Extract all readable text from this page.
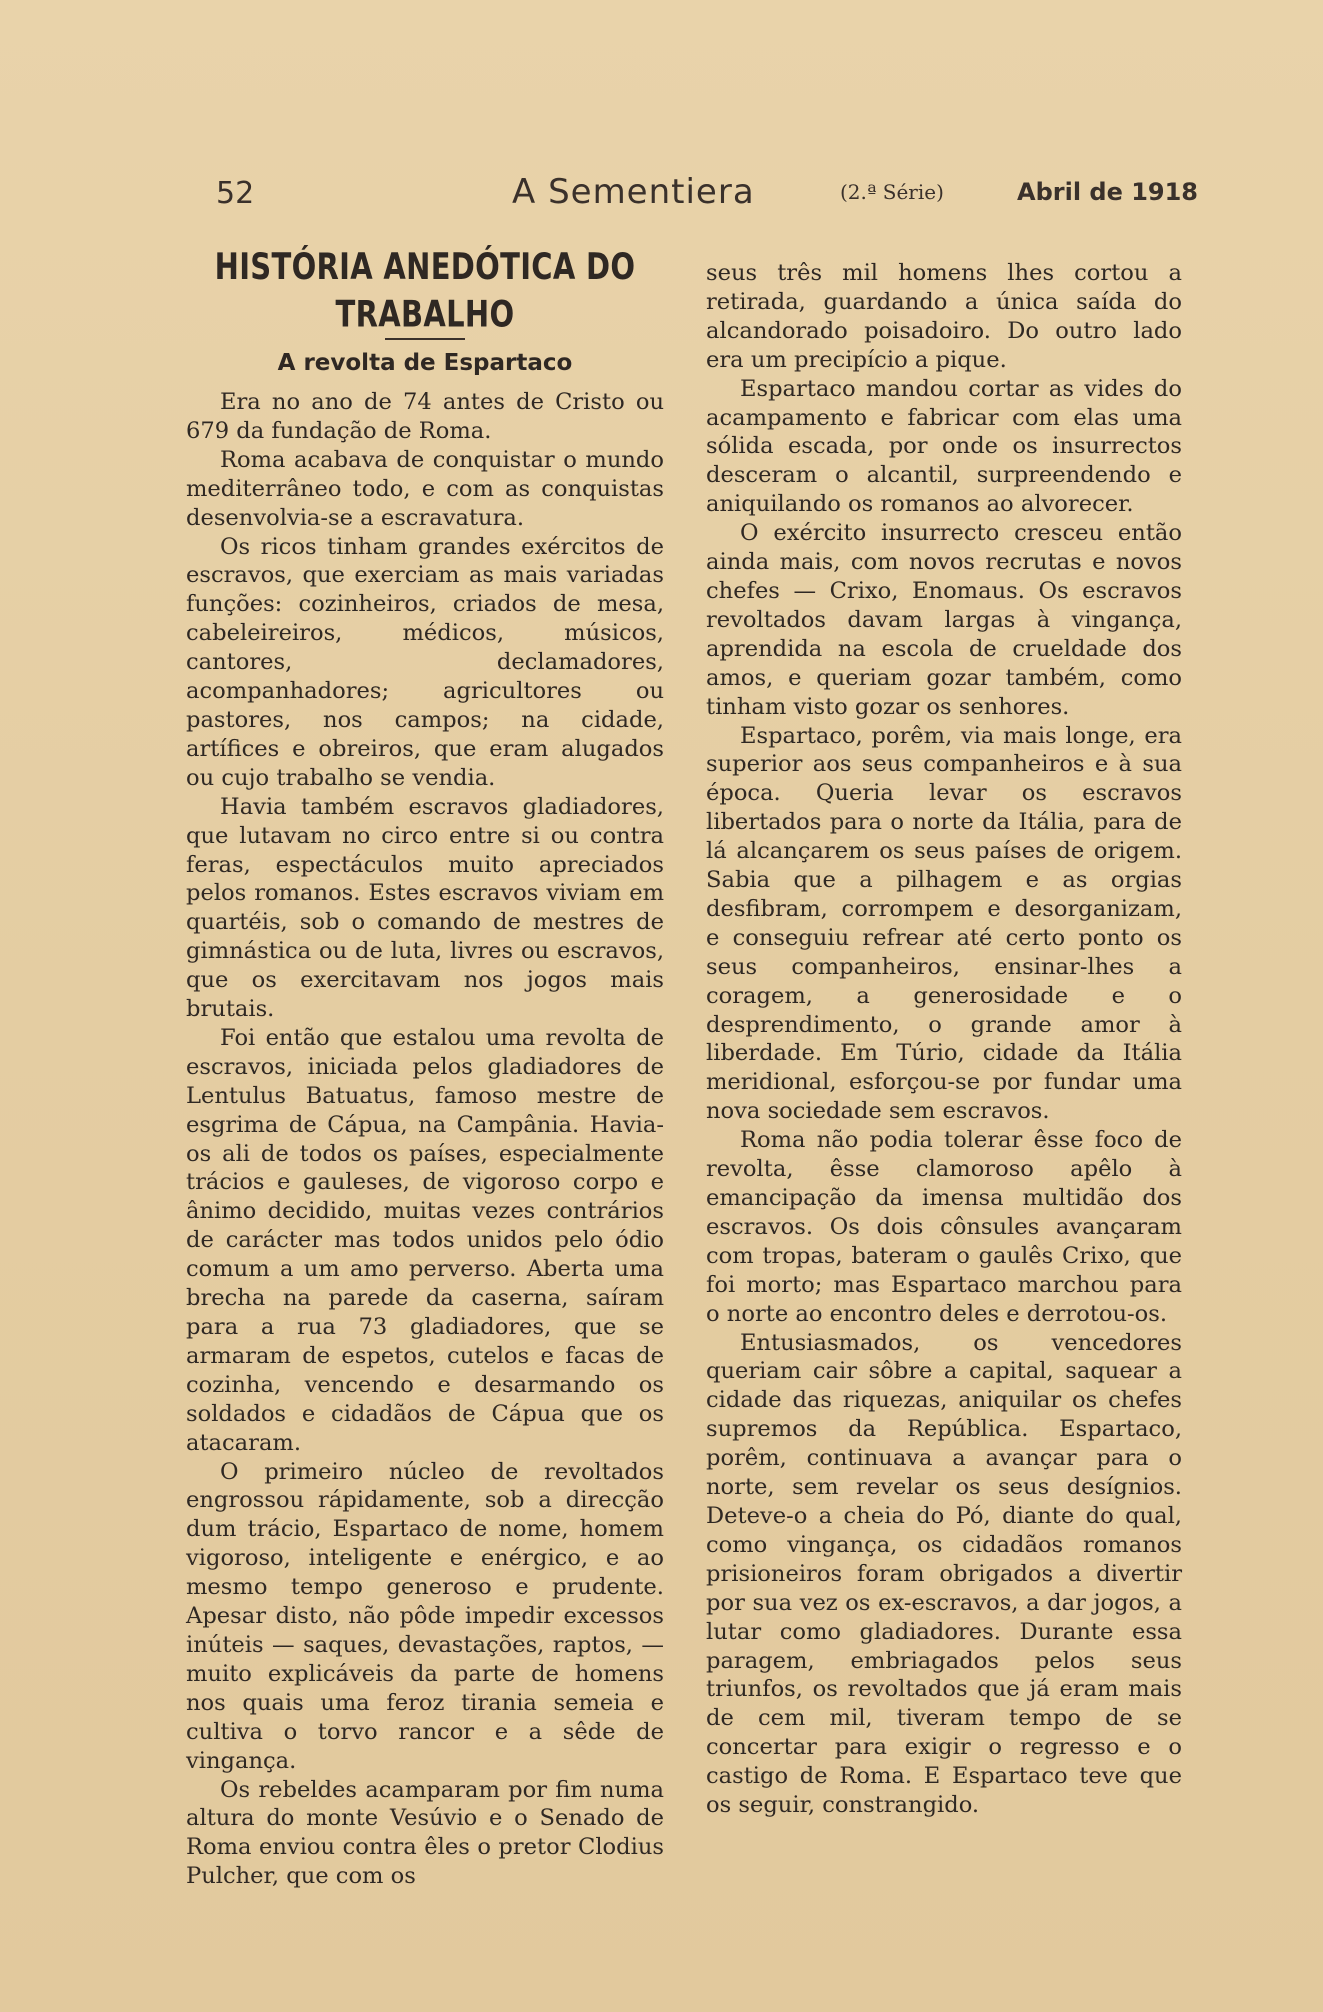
52	A Sementiera	(2.ª Série)	Abril de 1918
HISTÓRIA ANEDÓTICA DO TRABALHO
A revolta de Espartaco

Era no ano de 74 antes de Cristo ou 679 da fundação de Roma.

Roma acabava de conquistar o mundo mediterrâneo todo, e com as conquistas desenvolvia-se a escravatura.

Os ricos tinham grandes exércitos de escravos, que exerciam as mais variadas funções: cozinheiros, criados de mesa, cabeleireiros, médicos, músicos, cantores, declamadores, acompanhadores; agricultores ou pastores, nos campos; na cidade, artífices e obreiros, que eram alugados ou cujo trabalho se vendia.

Havia também escravos gladiadores, que lutavam no circo entre si ou contra feras, espectáculos muito apreciados pelos romanos. Estes escravos viviam em quartéis, sob o comando de mestres de gimnástica ou de luta, livres ou escravos, que os exercitavam nos jogos mais brutais.

Foi então que estalou uma revolta de escravos, iniciada pelos gladiadores de Lentulus Batuatus, famoso mestre de esgrima de Cápua, na Campânia. Havia-os ali de todos os países, especialmente trácios e gauleses, de vigoroso corpo e ânimo decidido, muitas vezes contrários de carácter mas todos unidos pelo ódio comum a um amo perverso. Aberta uma brecha na parede da caserna, saíram para a rua 73 gladiadores, que se armaram de espetos, cutelos e facas de cozinha, vencendo e desarmando os soldados e cidadãos de Cápua que os atacaram.

O primeiro núcleo de revoltados engrossou rápidamente, sob a direcção dum trácio, Espartaco de nome, homem vigoroso, inteligente e enérgico, e ao mesmo tempo generoso e prudente. Apesar disto, não pôde impedir excessos inúteis — saques, devastações, raptos, — muito explicáveis da parte de homens nos quais uma feroz tirania semeia e cultiva o torvo rancor e a sêde de vingança.

Os rebeldes acamparam por fim numa altura do monte Vesúvio e o Senado de Roma enviou contra êles o pretor Clodius Pulcher, que com os

seus três mil homens lhes cortou a retirada, guardando a única saída do alcandorado poisadoiro. Do outro lado era um precipício a pique.

Espartaco mandou cortar as vides do acampamento e fabricar com elas uma sólida escada, por onde os insurrectos desceram o alcantil, surpreendendo e aniquilando os romanos ao alvorecer.

O exército insurrecto cresceu então ainda mais, com novos recrutas e novos chefes — Crixo, Enomaus. Os escravos revoltados davam largas à vingança, aprendida na escola de crueldade dos amos, e queriam gozar também, como tinham visto gozar os senhores.

Espartaco, porêm, via mais longe, era superior aos seus companheiros e à sua época. Queria levar os escravos libertados para o norte da Itália, para de lá alcançarem os seus países de origem. Sabia que a pilhagem e as orgias desfibram, corrompem e desorganizam, e conseguiu refrear até certo ponto os seus companheiros, ensinar-lhes a coragem, a generosidade e o desprendimento, o grande amor à liberdade. Em Túrio, cidade da Itália meridional, esforçou-se por fundar uma nova sociedade sem escravos.

Roma não podia tolerar êsse foco de revolta, êsse clamoroso apêlo à emancipação da imensa multidão dos escravos. Os dois cônsules avançaram com tropas, bateram o gaulês Crixo, que foi morto; mas Espartaco marchou para o norte ao encontro deles e derrotou-os.

Entusiasmados, os vencedores queriam cair sôbre a capital, saquear a cidade das riquezas, aniquilar os chefes supremos da República. Espartaco, porêm, continuava a avançar para o norte, sem revelar os seus desígnios. Deteve-o a cheia do Pó, diante do qual, como vingança, os cidadãos romanos prisioneiros foram obrigados a divertir por sua vez os ex-escravos, a dar jogos, a lutar como gladiadores. Durante essa paragem, embriagados pelos seus triunfos, os revoltados que já eram mais de cem mil, tiveram tempo de se concertar para exigir o regresso e o castigo de Roma. E Espartaco teve que os seguir, constrangido.
